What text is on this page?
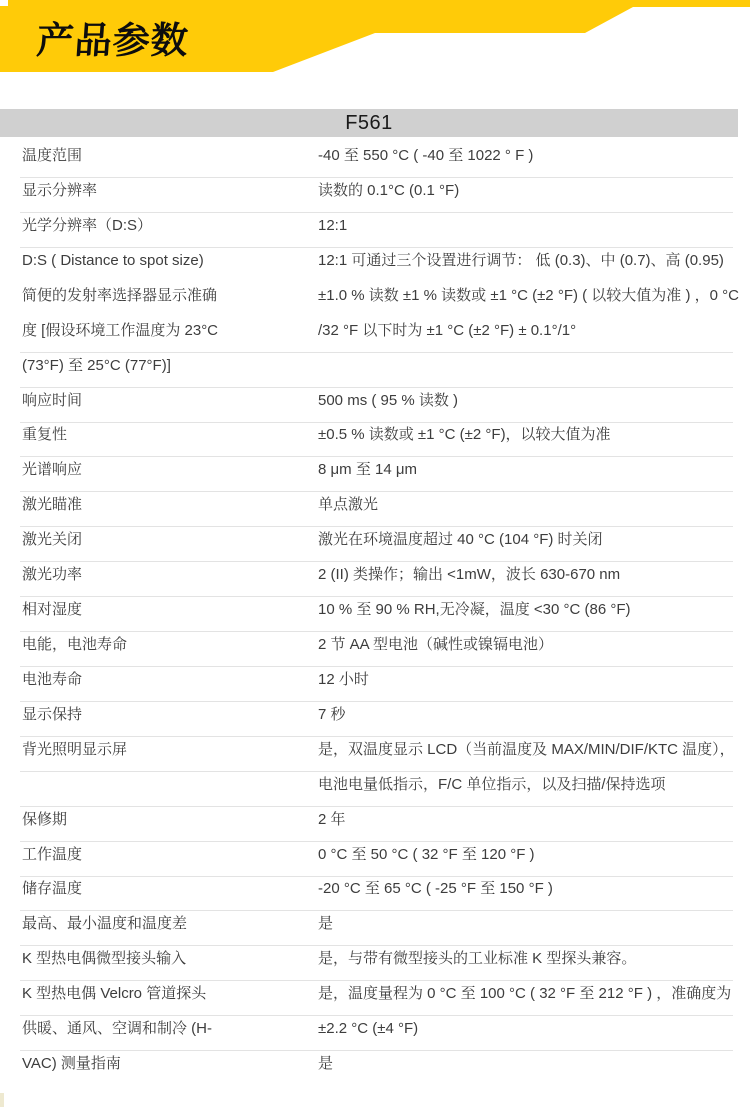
产品参数
F561
温度范围	-40 至 550 °C ( -40 至 1022 ° F )
显示分辨率	读数的 0.1°C (0.1 °F)
光学分辨率（D:S）	12:1
D:S ( Distance to spot size)	12:1 可通过三个设置进行调节： 低 (0.3)、中 (0.7)、高 (0.95)
简便的发射率选择器显示准确	±1.0 % 读数 ±1 % 读数或 ±1 °C (±2 °F) ( 以较大值为准 ) ，0 °C
度 [假设环境工作温度为 23°C	/32 °F 以下时为 ±1 °C (±2 °F) ± 0.1°/1°
(73°F) 至 25°C (77°F)]
响应时间	500 ms ( 95 % 读数 )
重复性	±0.5 % 读数或 ±1 °C (±2 °F)，以较大值为准
光谱响应	8 μm 至 14 μm
激光瞄准	单点激光
激光关闭	激光在环境温度超过 40 °C (104 °F) 时关闭
激光功率	2 (II) 类操作；输出 <1mW，波长 630-670 nm
相对湿度	10 % 至 90 % RH,无冷凝，温度 <30 °C (86 °F)
电能，电池寿命	2 节 AA 型电池（碱性或镍镉电池）
电池寿命	12 小时
显示保持	7 秒
背光照明显示屏	是，双温度显示 LCD（当前温度及 MAX/MIN/DIF/KTC 温度），
电池电量低指示，F/C 单位指示，以及扫描/保持选项
保修期	2 年
工作温度	0 °C 至 50 °C ( 32 °F 至 120 °F )
储存温度	-20 °C 至 65 °C ( -25 °F 至 150 °F )
最高、最小温度和温度差	是
K 型热电偶微型接头输入	是，与带有微型接头的工业标准 K 型探头兼容。
K 型热电偶 Velcro 管道探头	是，温度量程为 0 °C 至 100 °C ( 32 °F 至 212 °F ) ，准确度为
供暖、通风、空调和制冷 (H-	±2.2 °C (±4 °F)
VAC) 测量指南	是
